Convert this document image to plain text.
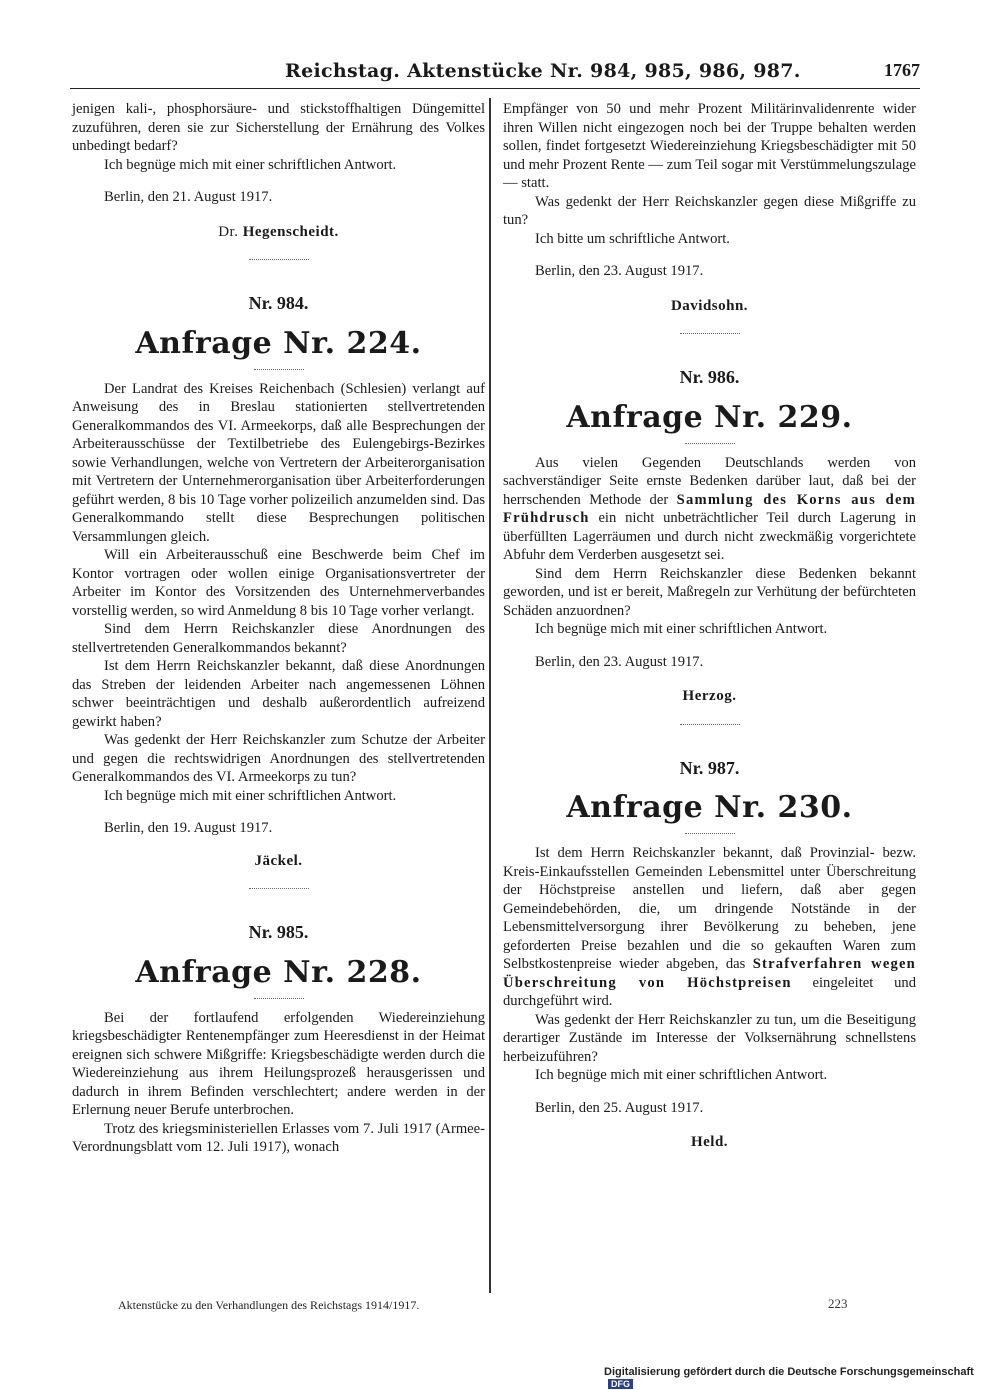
Reichstag. Aktenstücke Nr. 984, 985, 986, 987.	1767

jenigen kali-, phosphorsäure- und stickstoffhaltigen Düngemittel zuzuführen, deren sie zur Sicherstellung der Ernährung des Volkes unbedingt bedarf?

Ich begnüge mich mit einer schriftlichen Antwort.

Berlin, den 21. August 1917.

Dr. Hegenscheidt.
Nr. 984.
Anfrage Nr. 224.

Der Landrat des Kreises Reichenbach (Schlesien) verlangt auf Anweisung des in Breslau stationierten stellvertretenden Generalkommandos des VI. Armeekorps, daß alle Besprechungen der Arbeiterausschüsse der Textilbetriebe des Eulengebirgs-Bezirkes sowie Verhandlungen, welche von Vertretern der Arbeiterorganisation mit Vertretern der Unternehmerorganisation über Arbeiterforderungen geführt werden, 8 bis 10 Tage vorher polizeilich anzumelden sind. Das Generalkommando stellt diese Besprechungen politischen Versammlungen gleich.

Will ein Arbeiterausschuß eine Beschwerde beim Chef im Kontor vortragen oder wollen einige Organisationsvertreter der Arbeiter im Kontor des Vorsitzenden des Unternehmerverbandes vorstellig werden, so wird Anmeldung 8 bis 10 Tage vorher verlangt.

Sind dem Herrn Reichskanzler diese Anordnungen des stellvertretenden Generalkommandos bekannt?

Ist dem Herrn Reichskanzler bekannt, daß diese Anordnungen das Streben der leidenden Arbeiter nach angemessenen Löhnen schwer beeinträchtigen und deshalb außerordentlich aufreizend gewirkt haben?

Was gedenkt der Herr Reichskanzler zum Schutze der Arbeiter und gegen die rechtswidrigen Anordnungen des stellvertretenden Generalkommandos des VI. Armeekorps zu tun?

Ich begnüge mich mit einer schriftlichen Antwort.

Berlin, den 19. August 1917.

Jäckel.
Nr. 985.
Anfrage Nr. 228.

Bei der fortlaufend erfolgenden Wiedereinziehung kriegsbeschädigter Rentenempfänger zum Heeresdienst in der Heimat ereignen sich schwere Mißgriffe: Kriegsbeschädigte werden durch die Wiedereinziehung aus ihrem Heilungsprozeß herausgerissen und dadurch in ihrem Befinden verschlechtert; andere werden in der Erlernung neuer Berufe unterbrochen.

Trotz des kriegsministeriellen Erlasses vom 7. Juli 1917 (Armee-Verordnungsblatt vom 12. Juli 1917), wonach

Empfänger von 50 und mehr Prozent Militärinvalidenrente wider ihren Willen nicht eingezogen noch bei der Truppe behalten werden sollen, findet fortgesetzt Wiedereinziehung Kriegsbeschädigter mit 50 und mehr Prozent Rente — zum Teil sogar mit Verstümmelungszulage — statt.

Was gedenkt der Herr Reichskanzler gegen diese Mißgriffe zu tun?

Ich bitte um schriftliche Antwort.

Berlin, den 23. August 1917.

Davidsohn.
Nr. 986.
Anfrage Nr. 229.

Aus vielen Gegenden Deutschlands werden von sachverständiger Seite ernste Bedenken darüber laut, daß bei der herrschenden Methode der Sammlung des Korns aus dem Frühdrusch ein nicht unbeträchtlicher Teil durch Lagerung in überfüllten Lagerräumen und durch nicht zweckmäßig vorgerichtete Abfuhr dem Verderben ausgesetzt sei.

Sind dem Herrn Reichskanzler diese Bedenken bekannt geworden, und ist er bereit, Maßregeln zur Verhütung der befürchteten Schäden anzuordnen?

Ich begnüge mich mit einer schriftlichen Antwort.

Berlin, den 23. August 1917.

Herzog.
Nr. 987.
Anfrage Nr. 230.

Ist dem Herrn Reichskanzler bekannt, daß Provinzial- bezw. Kreis-Einkaufsstellen Gemeinden Lebensmittel unter Überschreitung der Höchstpreise anstellen und liefern, daß aber gegen Gemeindebehörden, die, um dringende Notstände in der Lebensmittelversorgung ihrer Bevölkerung zu beheben, jene geforderten Preise bezahlen und die so gekauften Waren zum Selbstkostenpreise wieder abgeben, das Strafverfahren wegen Überschreitung von Höchstpreisen eingeleitet und durchgeführt wird.

Was gedenkt der Herr Reichskanzler zu tun, um die Beseitigung derartiger Zustände im Interesse der Volksernährung schnellstens herbeizuführen?

Ich begnüge mich mit einer schriftlichen Antwort.

Berlin, den 25. August 1917.

Held.
Aktenstücke zu den Verhandlungen des Reichstags 1914/1917.	223
Digitalisierung gefördert durch die Deutsche ForschungsgemeinschaftDFG
